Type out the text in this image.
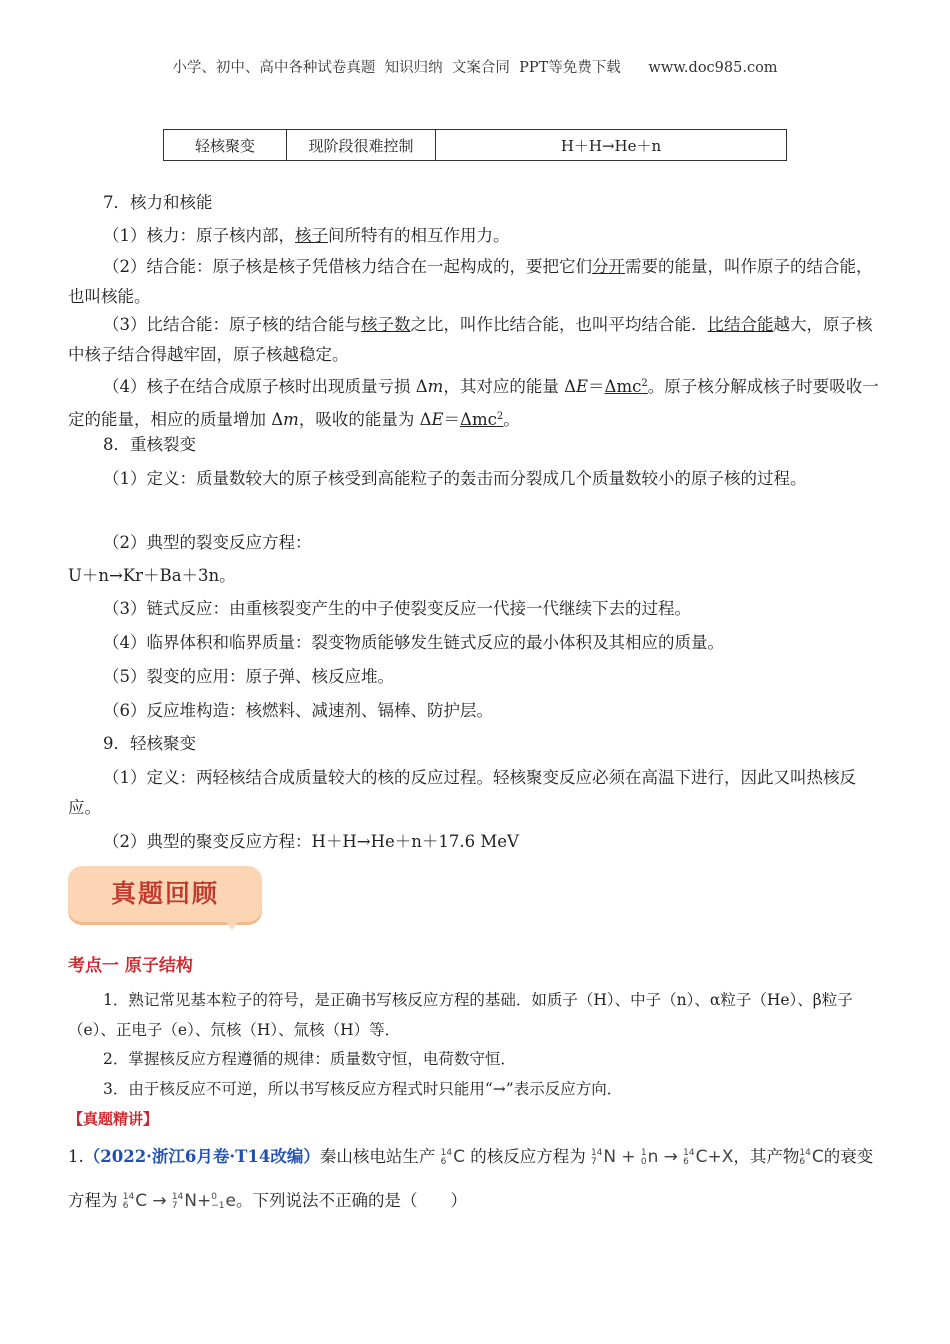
小学、初中、高中各种试卷真题  知识归纳  文案合同  PPT等免费下载      www.doc985.com
轻核聚变	现阶段很难控制	H＋H→He＋n
7．核力和核能
（1）核力：原子核内部，核子间所特有的相互作用力。
（2）结合能：原子核是核子凭借核力结合在一起构成的，要把它们分开需要的能量，叫作原子的结合能，也叫核能。
（3）比结合能：原子核的结合能与核子数之比，叫作比结合能，也叫平均结合能．比结合能越大，原子核中核子结合得越牢固，原子核越稳定。
（4）核子在结合成原子核时出现质量亏损 Δm，其对应的能量 ΔE＝Δmc$^2$。原子核分解成核子时要吸收一定的能量，相应的质量增加 Δm，吸收的能量为 ΔE＝Δmc$^2$。
8．重核裂变
（1）定义：质量数较大的原子核受到高能粒子的轰击而分裂成几个质量数较小的原子核的过程。
（2）典型的裂变反应方程：
U＋n→Kr＋Ba＋3n。
（3）链式反应：由重核裂变产生的中子使裂变反应一代接一代继续下去的过程。
（4）临界体积和临界质量：裂变物质能够发生链式反应的最小体积及其相应的质量。
（5）裂变的应用：原子弹、核反应堆。
（6）反应堆构造：核燃料、减速剂、镉棒、防护层。
9．轻核聚变
（1）定义：两轻核结合成质量较大的核的反应过程。轻核聚变反应必须在高温下进行，因此又叫热核反应。
（2）典型的聚变反应方程：H＋H→He＋n＋17.6 MeV
真题回顾
考点一 原子结构
1．熟记常见基本粒子的符号，是正确书写核反应方程的基础．如质子（H）、中子（n）、α粒子（He）、β粒子（e）、正电子（e）、氘核（H）、氚核（H）等．
2．掌握核反应方程遵循的规律：质量数守恒，电荷数守恒．
3．由于核反应不可逆，所以书写核反应方程式时只能用“→”表示反应方向．
【真题精讲】
1.（2022·浙江6月卷·T14改编）秦山核电站生产 14
6 C 的核反应方程为 14
7 N + 1
0 n → 14
6 C+X，其产物 14
6 C的衰变
方程为 14
6 C → 14
7 N+ 0
−1 e。下列说法不正确的是（　　）
